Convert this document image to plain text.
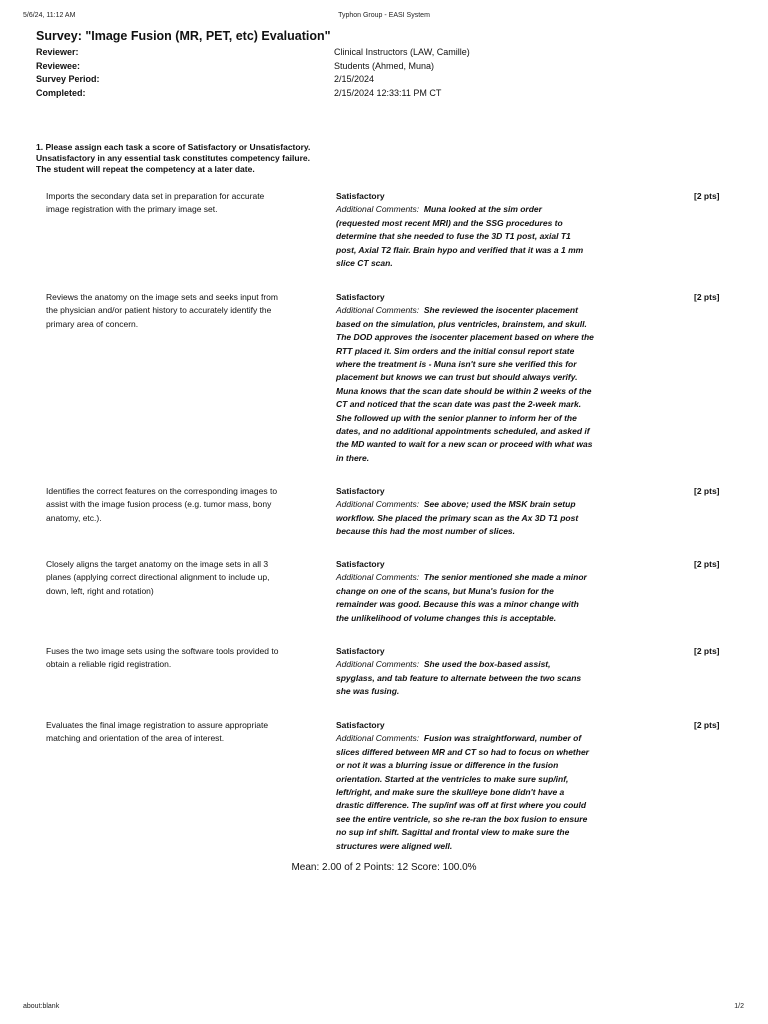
5/6/24, 11:12 AM	Typhon Group - EASI System
Survey: "Image Fusion (MR, PET, etc) Evaluation"
Reviewer:	Clinical Instructors (LAW, Camille)
Reviewee:	Students (Ahmed, Muna)
Survey Period:	2/15/2024
Completed:	2/15/2024 12:33:11 PM CT
1. Please assign each task a score of Satisfactory or Unsatisfactory.
Unsatisfactory in any essential task constitutes competency failure.
The student will repeat the competency at a later date.
Imports the secondary data set in preparation for accurate
image registration with the primary image set.
Satisfactory
Additional Comments: Muna looked at the sim order
(requested most recent MRI) and the SSG procedures to
determine that she needed to fuse the 3D T1 post, axial T1
post, Axial T2 flair. Brain hypo and verified that it was a 1 mm
slice CT scan.
[2 pts]
Reviews the anatomy on the image sets and seeks input from
the physician and/or patient history to accurately identify the
primary area of concern.
Satisfactory
Additional Comments: She reviewed the isocenter placement
based on the simulation, plus ventricles, brainstem, and skull.
The DOD approves the isocenter placement based on where the
RTT placed it. Sim orders and the initial consul report state
where the treatment is - Muna isn't sure she verified this for
placement but knows we can trust but should always verify.
Muna knows that the scan date should be within 2 weeks of the
CT and noticed that the scan date was past the 2-week mark.
She followed up with the senior planner to inform her of the
dates, and no additional appointments scheduled, and asked if
the MD wanted to wait for a new scan or proceed with what was
in there.
[2 pts]
Identifies the correct features on the corresponding images to
assist with the image fusion process (e.g. tumor mass, bony
anatomy, etc.).
Satisfactory
Additional Comments: See above; used the MSK brain setup
workflow. She placed the primary scan as the Ax 3D T1 post
because this had the most number of slices.
[2 pts]
Closely aligns the target anatomy on the image sets in all 3
planes (applying correct directional alignment to include up,
down, left, right and rotation)
Satisfactory
Additional Comments: The senior mentioned she made a minor
change on one of the scans, but Muna's fusion for the
remainder was good. Because this was a minor change with
the unlikelihood of volume changes this is acceptable.
[2 pts]
Fuses the two image sets using the software tools provided to
obtain a reliable rigid registration.
Satisfactory
Additional Comments: She used the box-based assist,
spyglass, and tab feature to alternate between the two scans
she was fusing.
[2 pts]
Evaluates the final image registration to assure appropriate
matching and orientation of the area of interest.
Satisfactory
Additional Comments: Fusion was straightforward, number of
slices differed between MR and CT so had to focus on whether
or not it was a blurring issue or difference in the fusion
orientation. Started at the ventricles to make sure sup/inf,
left/right, and make sure the skull/eye bone didn't have a
drastic difference. The sup/inf was off at first where you could
see the entire ventricle, so she re-ran the box fusion to ensure
no sup inf shift. Sagittal and frontal view to make sure the
structures were aligned well.
[2 pts]
Mean: 2.00 of 2 Points: 12 Score: 100.0%
about:blank	1/2
